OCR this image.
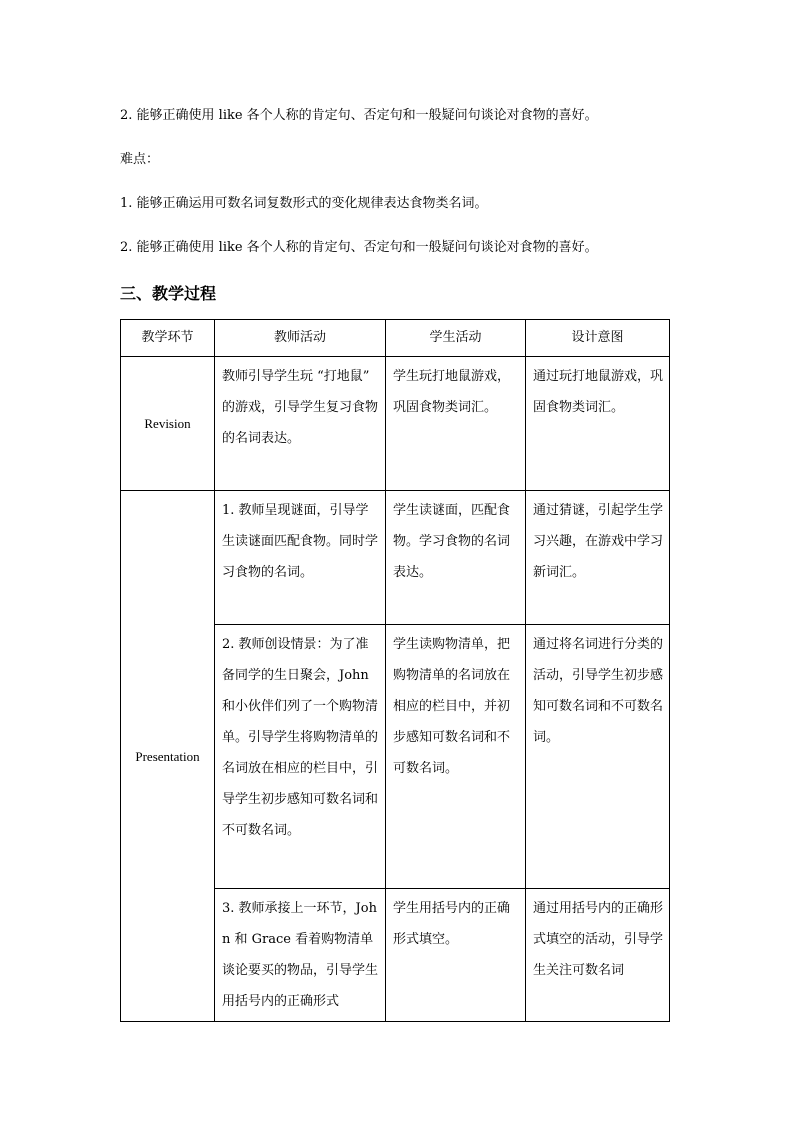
2. 能够正确使用 like 各个人称的肯定句、否定句和一般疑问句谈论对食物的喜好。
难点：
1. 能够正确运用可数名词复数形式的变化规律表达食物类名词。
2. 能够正确使用 like 各个人称的肯定句、否定句和一般疑问句谈论对食物的喜好。
三、教学过程
教学环节	教师活动	学生活动	设计意图
Revision	教师引导学生玩 “打地鼠” 的游戏，引导学生复习食物的名词表达。	学生玩打地鼠游戏，巩固食物类词汇。	通过玩打地鼠游戏，巩固食物类词汇。
Presentation	1. 教师呈现谜面，引导学生读谜面匹配食物。同时学习食物的名词。	学生读谜面，匹配食物。学习食物的名词表达。	通过猜谜，引起学生学习兴趣，在游戏中学习新词汇。
	2. 教师创设情景：为了准备同学的生日聚会，John 和小伙伴们列了一个购物清单。引导学生将购物清单的名词放在相应的栏目中，引导学生初步感知可数名词和不可数名词。	学生读购物清单，把购物清单的名词放在相应的栏目中，并初步感知可数名词和不可数名词。	通过将名词进行分类的活动，引导学生初步感知可数名词和不可数名词。
	3. 教师承接上一环节，John 和 Grace 看着购物清单谈论要买的物品，引导学生用括号内的正确形式	学生用括号内的正确形式填空。	通过用括号内的正确形式填空的活动，引导学生关注可数名词
